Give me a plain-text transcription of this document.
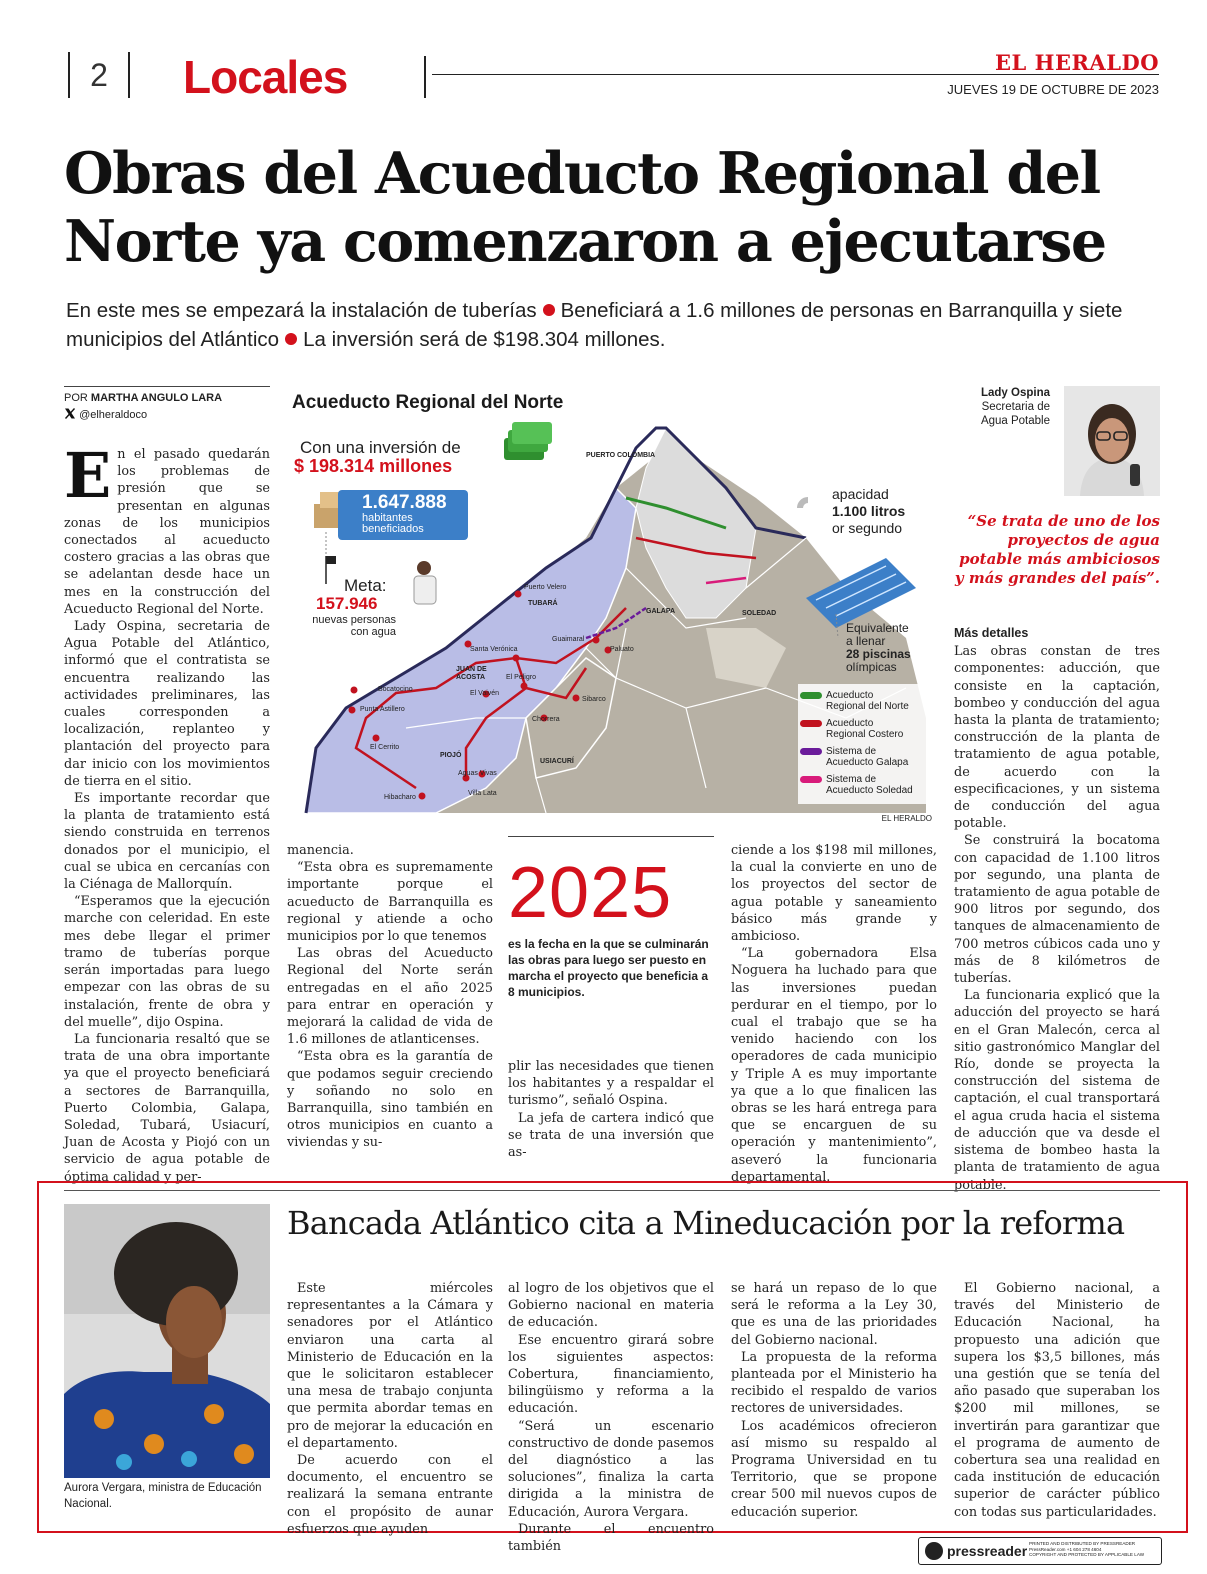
2	Locales	EL HERALDO
JUEVES 19 DE OCTUBRE DE 2023
Obras del Acueducto Regional del
Norte ya comenzaron a ejecutarse
En este mes se empezará la instalación de tuberías Beneficiará a 1.6 millones de personas en Barranquilla y siete municipios del Atlántico La inversión será de $198.304 millones.
POR MARTHA ANGULO LARA
@elheraldoco

En el pasado quedarán los problemas de presión que se presentan en algunas zonas de los municipios conectados al acueducto costero gracias a las obras que se adelantan desde hace un mes en la construcción del Acueducto Regional del Norte.

Lady Ospina, secretaria de Agua Potable del Atlántico, informó que el contratista se encuentra realizando las actividades preliminares, las cuales corresponden a localización, replanteo y plantación del proyecto para dar inicio con los movimientos de tierra en el sitio.

Es importante recordar que la planta de tratamiento está siendo construida en terrenos donados por el municipio, el cual se ubica en cercanías con la Ciénaga de Mallorquín.

“Esperamos que la ejecución marche con celeridad. En este mes debe llegar el primer tramo de tuberías porque serán importadas para luego empezar con las obras de su instalación, frente de obra y del muelle”, dijo Ospina.

La funcionaria resaltó que se trata de una obra importante ya que el proyecto beneficiará a sectores de Barranquilla, Puerto Colombia, Galapa, Soledad, Tubará, Usiacurí, Juan de Acosta y Piojó con un servicio de agua potable de óptima calidad y per-

Acueducto Regional del Norte
Con una inversión de
$ 198.314 millones
1.647.888
habitantes
beneficiados
Meta:
157.946
nuevas personas
con agua
apacidad
1.100 litros
or segundo
Equivalente
a llenar
28 piscinas
olímpicas
Acueducto
Regional del Norte
Acueducto
Regional Costero
Sistema de
Acueducto Galapa
Sistema de
Acueducto Soledad
PUERTO COLOMBIA
TUBARÁ
GALAPA	SOLEDAD
JUAN DE ACOSTA
PIOJÓ
USIACURÍ
Puerto Velero
Santa Verónica
Guaimaral
Paluato
El Peligro
El Vaivén
Bocatocino
Punta Astillero
Chorrera
Sibarco
El Cerrito
Aguas Vivas
Villa Lata
Hibacharo
EL HERALDO
Lady Ospina
Secretaria de Agua Potable
“Se trata de uno de los proyectos de agua potable más ambiciosos y más grandes del país”.
Más detalles

Las obras constan de tres componentes: aducción, que consiste en la captación, bombeo y conducción del agua hasta la planta de tratamiento; construcción de la planta de tratamiento de agua potable, de acuerdo con la especificaciones, y un sistema de conducción del agua potable.

Se construirá la bocatoma con capacidad de 1.100 litros por segundo, una planta de tratamiento de agua potable de 900 litros por segundo, dos tanques de almacenamiento de 700 metros cúbicos cada uno y más de 8 kilómetros de tuberías.

La funcionaria explicó que la aducción del proyecto se hará en el Gran Malecón, cerca al sitio gastronómico Manglar del Río, donde se proyecta la construcción del sistema de captación, el cual transportará el agua cruda hacia el sistema de aducción que va desde el sistema de bombeo hasta la planta de tratamiento de agua potable.

manencia.

“Esta obra es supremamente importante porque el acueducto de Barranquilla es regional y atiende a ocho municipios por lo que tenemos

Las obras del Acueducto Regional del Norte serán entregadas en el año 2025 para entrar en operación y mejorará la calidad de vida de 1.6 millones de atlanticenses.

“Esta obra es la garantía de que podamos seguir creciendo y soñando no solo en Barranquilla, sino también en otros municipios en cuanto a viviendas y su-

2025
es la fecha en la que se culminarán las obras para luego ser puesto en marcha el proyecto que beneficia a 8 municipios.

plir las necesidades que tienen los habitantes y a respaldar el turismo”, señaló Ospina.

La jefa de cartera indicó que se trata de una inversión que as-

ciende a los $198 mil millones, la cual la convierte en uno de los proyectos del sector de agua potable y saneamiento básico más grande y ambicioso.

“La gobernadora Elsa Noguera ha luchado para que las inversiones puedan perdurar en el tiempo, por lo cual el trabajo que se ha venido haciendo con los operadores de cada municipio y Triple A es muy importante ya que a lo que finalicen las obras se les hará entrega para que se encarguen de su operación y mantenimiento”, aseveró la funcionaria departamental.

Aurora Vergara, ministra de Educación Nacional.
Bancada Atlántico cita a Mineducación por la reforma

Este miércoles representantes a la Cámara y senadores por el Atlántico enviaron una carta al Ministerio de Educación en la que le solicitaron establecer una mesa de trabajo conjunta que permita abordar temas en pro de mejorar la educación en el departamento.

De acuerdo con el documento, el encuentro se realizará la semana entrante con el propósito de aunar esfuerzos que ayuden

al logro de los objetivos que el Gobierno nacional en materia de educación.

Ese encuentro girará sobre los siguientes aspectos: Cobertura, financiamiento, bilingüismo y reforma a la educación.

“Será un escenario constructivo de donde pasemos del diagnóstico a las soluciones”, finaliza la carta dirigida a la ministra de Educación, Aurora Vergara.

Durante el encuentro también

se hará un repaso de lo que será le reforma a la Ley 30, que es una de las prioridades del Gobierno nacional.

La propuesta de la reforma planteada por el Ministerio ha recibido el respaldo de varios rectores de universidades.

Los académicos ofrecieron así mismo su respaldo al Programa Universidad en tu Territorio, que se propone crear 500 mil nuevos cupos de educación superior.

El Gobierno nacional, a través del Ministerio de Educación Nacional, ha propuesto una adición que supera los $3,5 billones, más una gestión que se tenía del año pasado que superaban los $200 mil millones, se invertirán para garantizar que el programa de aumento de cobertura sea una realidad en cada institución de educación superior de carácter público con todas sus particularidades.

pressreader PRINTED AND DISTRIBUTED BY PRESSREADER
PressReader.com +1 604 278 4604
COPYRIGHT AND PROTECTED BY APPLICABLE LAW
